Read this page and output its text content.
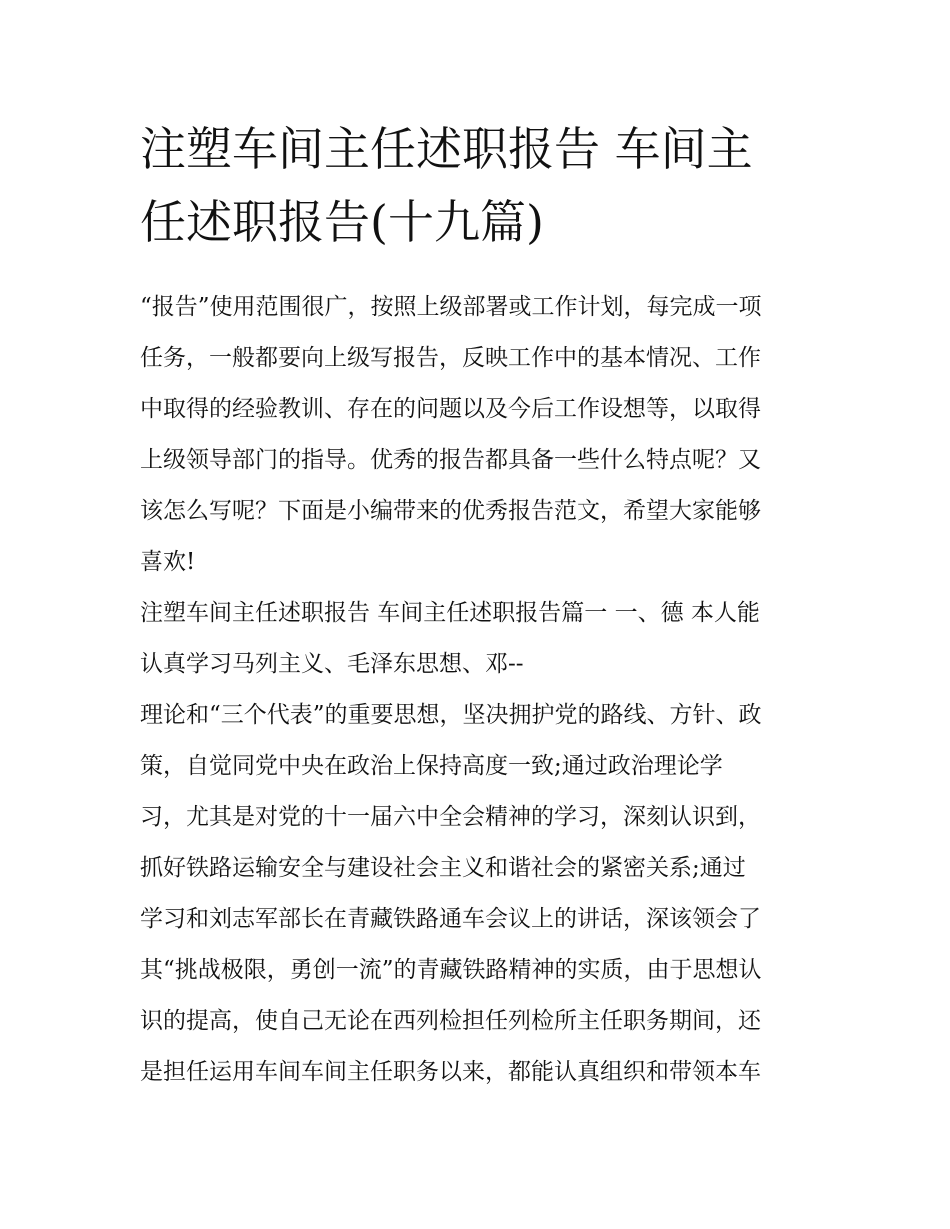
注塑车间主任述职报告 车间主
任述职报告(十九篇)
“报告”使用范围很广，按照上级部署或工作计划，每完成一项
任务，一般都要向上级写报告，反映工作中的基本情况、工作
中取得的经验教训、存在的问题以及今后工作设想等，以取得
上级领导部门的指导。优秀的报告都具备一些什么特点呢？又
该怎么写呢？下面是小编带来的优秀报告范文，希望大家能够
喜欢!
注塑车间主任述职报告 车间主任述职报告篇一 一、德 本人能
认真学习马列主义、毛泽东思想、邓--
理论和“三个代表”的重要思想，坚决拥护党的路线、方针、政
策，自觉同党中央在政治上保持高度一致;通过政治理论学
习，尤其是对党的十一届六中全会精神的学习，深刻认识到，
抓好铁路运输安全与建设社会主义和谐社会的紧密关系;通过
学习和刘志军部长在青藏铁路通车会议上的讲话，深该领会了
其“挑战极限，勇创一流”的青藏铁路精神的实质，由于思想认
识的提高，使自己无论在西列检担任列检所主任职务期间，还
是担任运用车间车间主任职务以来，都能认真组织和带领本车
